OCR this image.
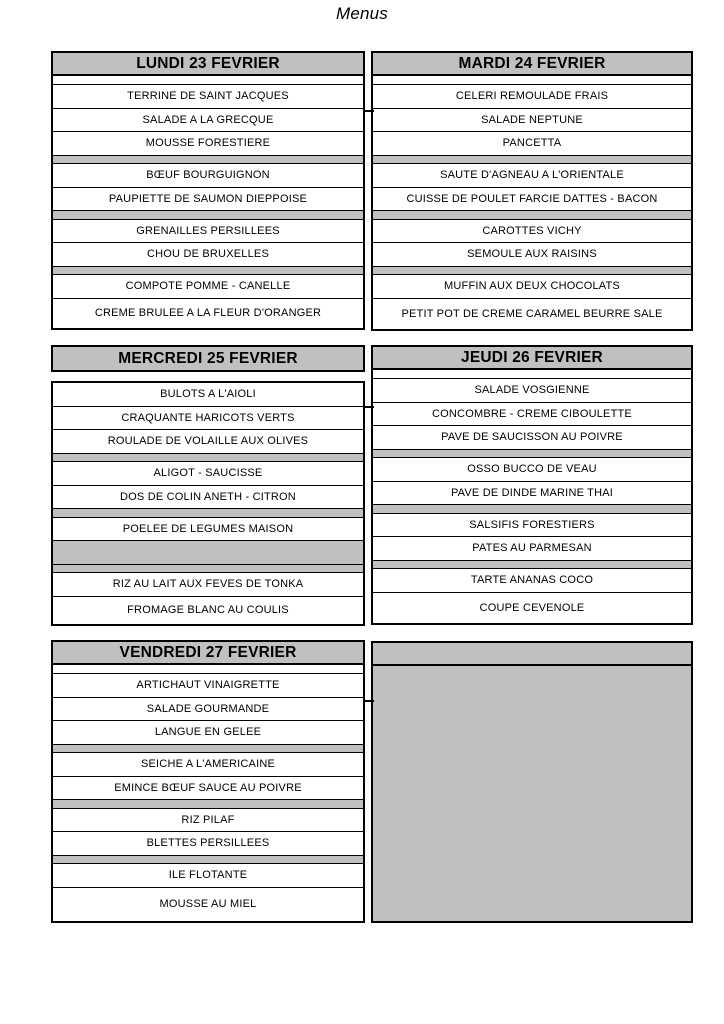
Menus
LUNDI 23 FEVRIER
TERRINE DE SAINT JACQUES
SALADE A LA GRECQUE
MOUSSE FORESTIERE
BŒUF BOURGUIGNON
PAUPIETTE DE SAUMON DIEPPOISE
GRENAILLES PERSILLEES
CHOU DE BRUXELLES
COMPOTE POMME - CANELLE
CREME BRULEE A LA FLEUR D'ORANGER
MARDI 24 FEVRIER
CELERI REMOULADE FRAIS
SALADE NEPTUNE
PANCETTA
SAUTE D'AGNEAU A L'ORIENTALE
CUISSE DE POULET FARCIE DATTES - BACON
CAROTTES VICHY
SEMOULE AUX RAISINS
MUFFIN AUX DEUX CHOCOLATS
PETIT POT DE CREME CARAMEL BEURRE SALE
MERCREDI 25 FEVRIER
BULOTS A L'AIOLI
CRAQUANTE HARICOTS VERTS
ROULADE DE VOLAILLE AUX OLIVES
ALIGOT - SAUCISSE
DOS DE COLIN ANETH - CITRON
POELEE DE LEGUMES MAISON
RIZ AU LAIT AUX FEVES DE TONKA
FROMAGE BLANC AU COULIS
JEUDI 26 FEVRIER
SALADE VOSGIENNE
CONCOMBRE - CREME CIBOULETTE
PAVE DE SAUCISSON AU POIVRE
OSSO BUCCO DE VEAU
PAVE DE DINDE MARINE THAI
SALSIFIS FORESTIERS
PATES AU PARMESAN
TARTE ANANAS COCO
COUPE CEVENOLE
VENDREDI 27 FEVRIER
ARTICHAUT VINAIGRETTE
SALADE GOURMANDE
LANGUE EN GELEE
SEICHE A L'AMERICAINE
EMINCE BŒUF SAUCE AU POIVRE
RIZ PILAF
BLETTES PERSILLEES
ILE FLOTANTE
MOUSSE AU MIEL
